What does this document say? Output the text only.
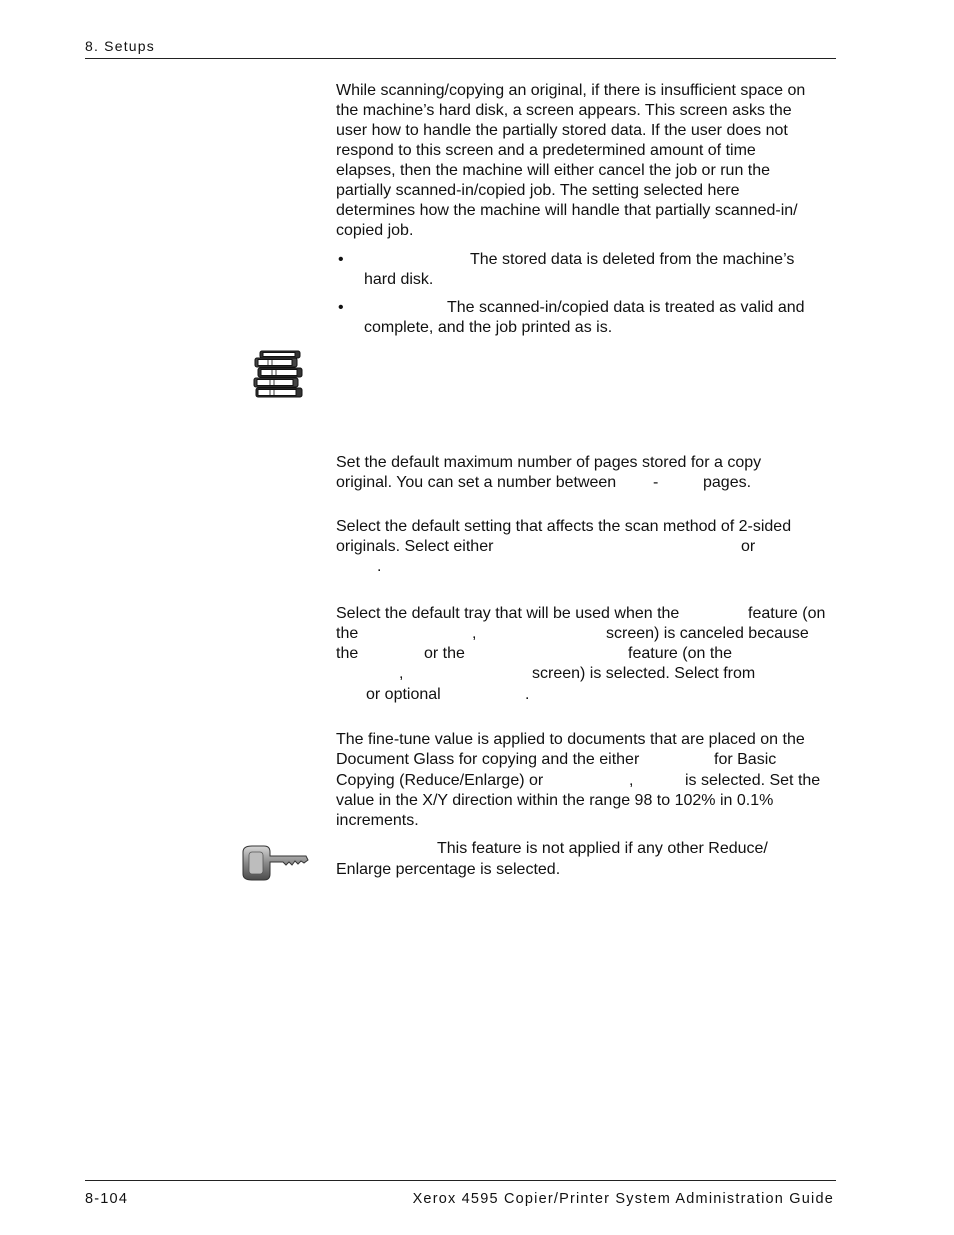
8. Setups
While scanning/copying an original, if there is insufficient space on
the machine’s hard disk, a screen appears. This screen asks the
user how to handle the partially stored data. If the user does not
respond to this screen and a predetermined amount of time
elapses, then the machine will either cancel the job or run the
partially scanned-in/copied job. The setting selected here
determines how the machine will handle that partially scanned-in/
copied job.
•	The stored data is deleted from the machine’s
hard disk.
•	The scanned-in/copied data is treated as valid and
complete, and the job printed as is.
Set the default maximum number of pages stored for a copy
original. You can set a number between -	pages.
Select the default setting that affects the scan method of 2-sided
originals. Select either	or
.
Select the default tray that will be used when the	feature (on
the	,	screen) is canceled because
the	or the	feature (on the
,	screen) is selected. Select from
or optional	.
The fine-tune value is applied to documents that are placed on the
Document Glass for copying and the either	for Basic
Copying (Reduce/Enlarge) or	,	is selected. Set the
value in the X/Y direction within the range 98 to 102% in 0.1%
increments.
This feature is not applied if any other Reduce/
Enlarge percentage is selected.
8-104	Xerox 4595 Copier/Printer System Administration Guide
